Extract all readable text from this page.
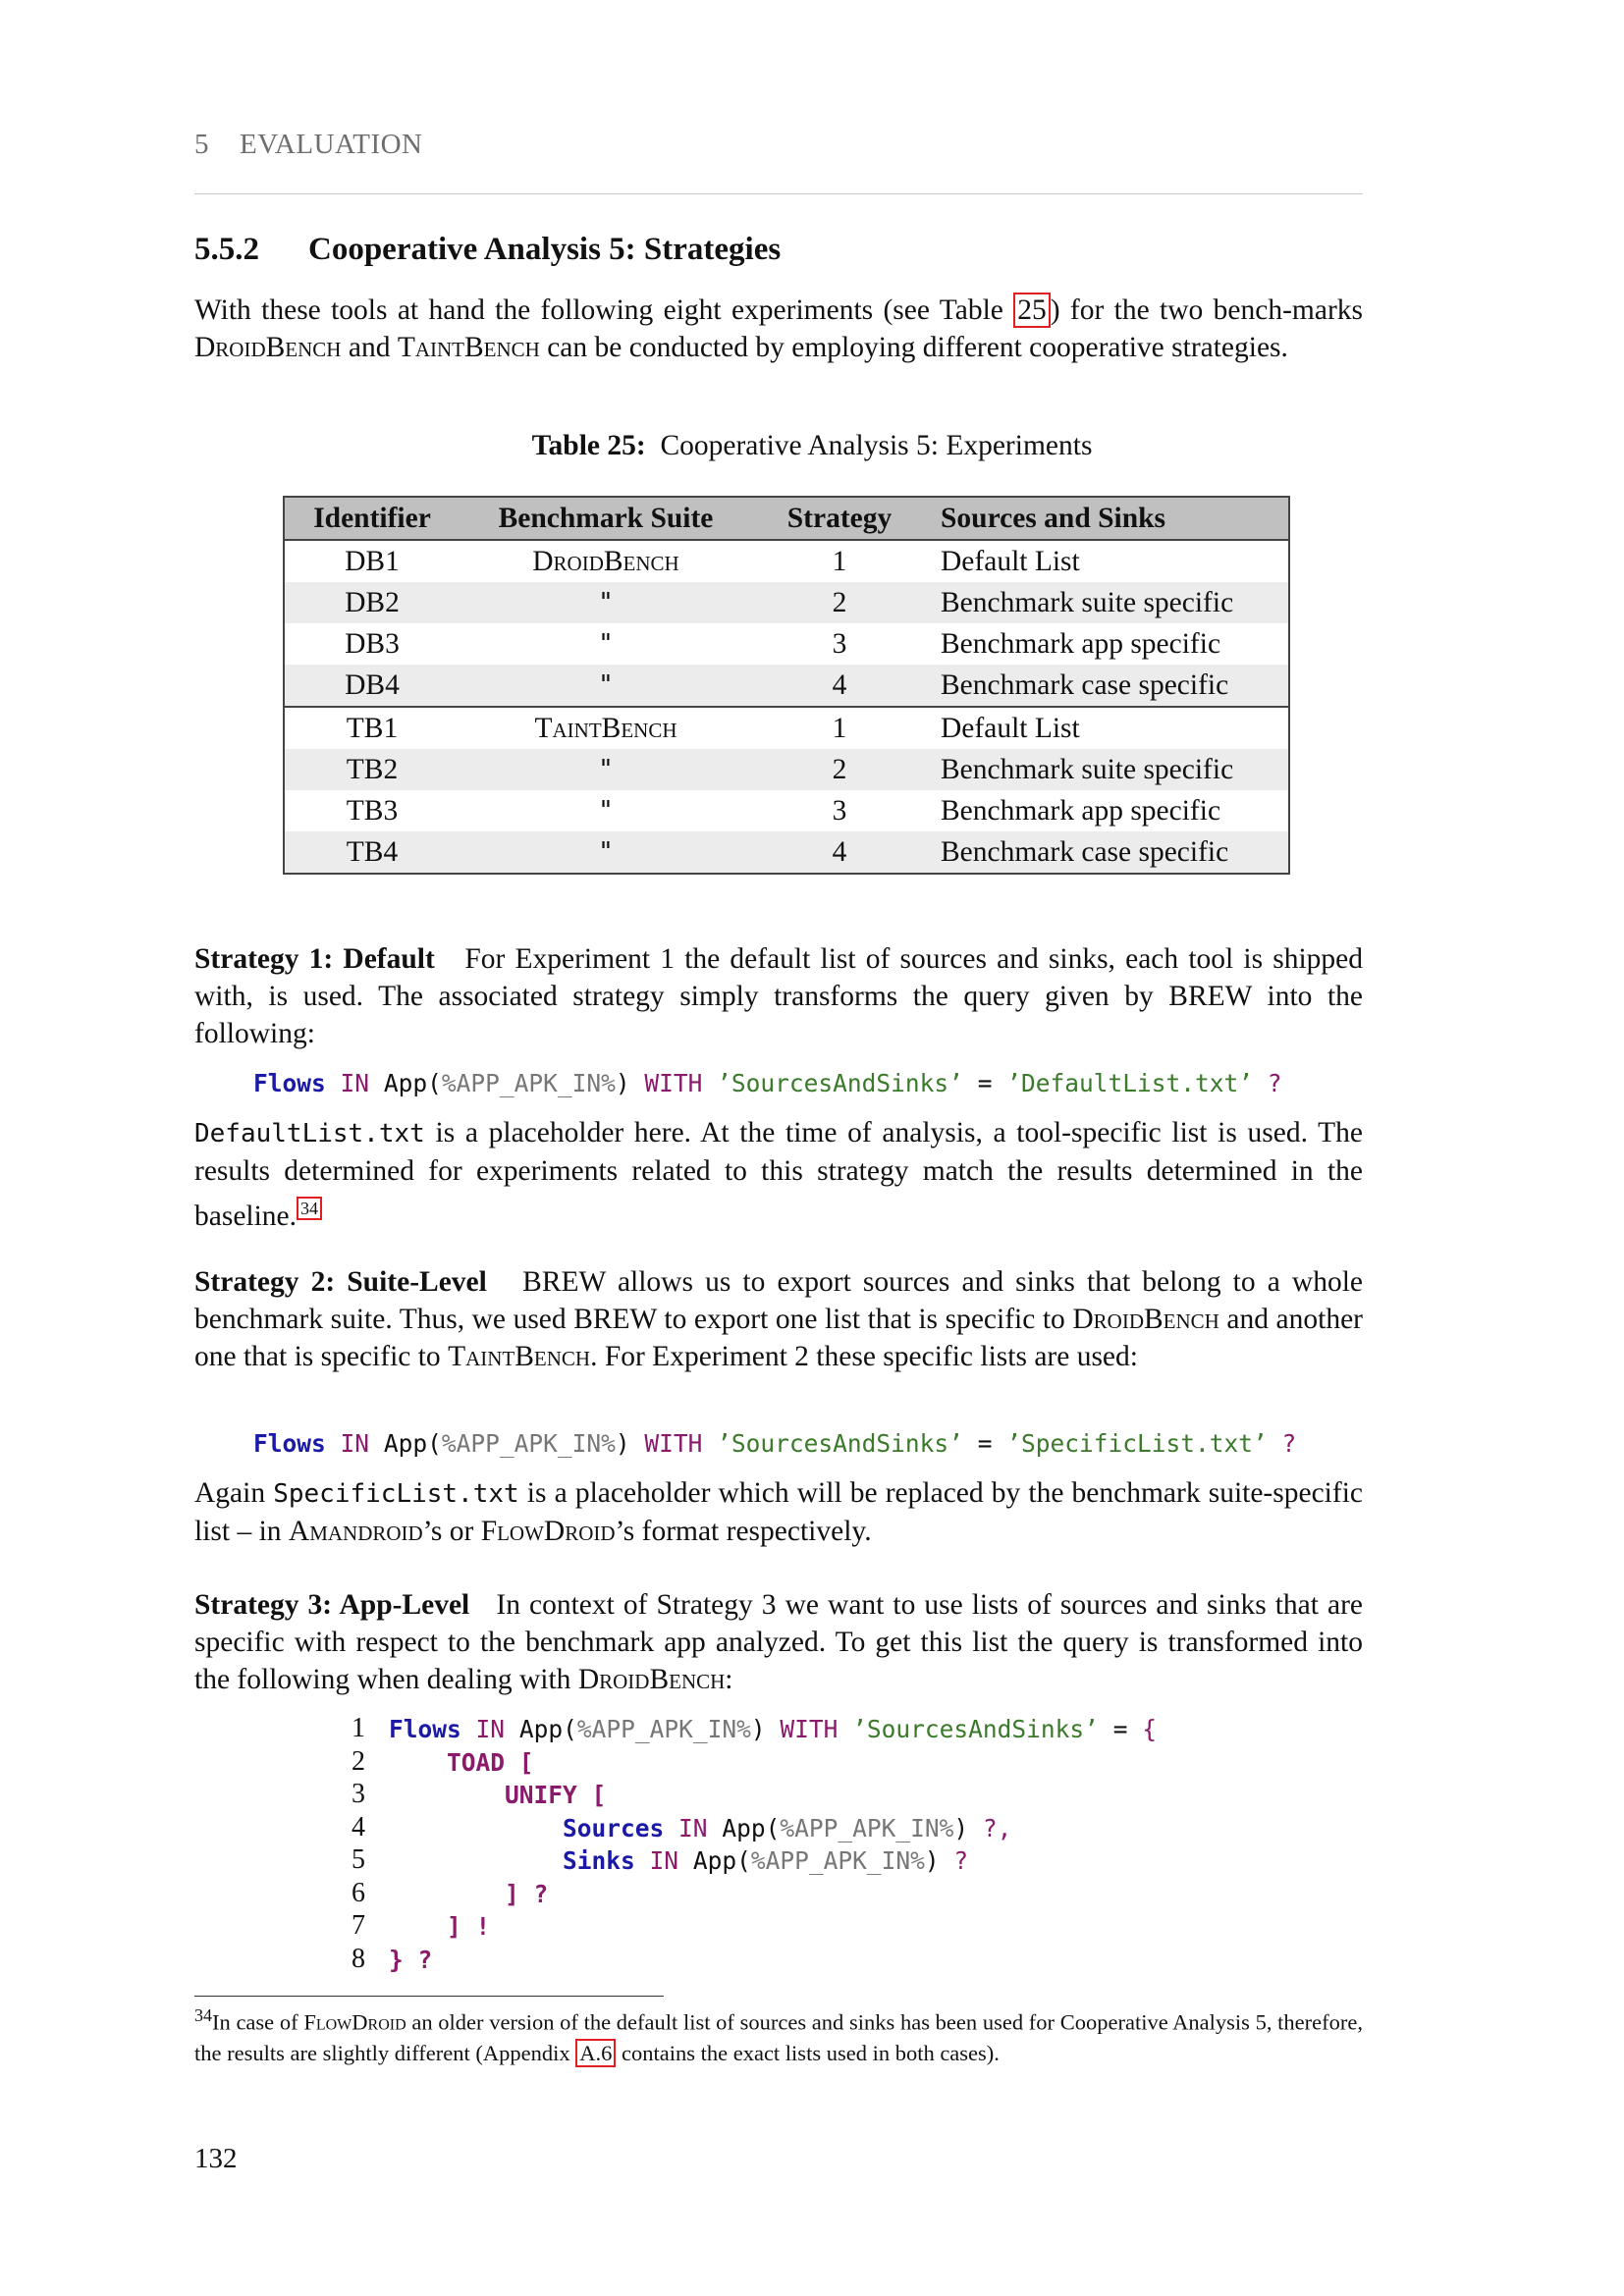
5 EVALUATION
5.5.2 Cooperative Analysis 5: Strategies
With these tools at hand the following eight experiments (see Table 25 ) for the two bench-marks DroidBench and TaintBench can be conducted by employing different cooperative strategies.
Table 25: Cooperative Analysis 5: Experiments
Identifier	Benchmark Suite	Strategy	Sources and Sinks
DB1	DroidBench	1	Default List
DB2	"	2	Benchmark suite specific
DB3	"	3	Benchmark app specific
DB4	"	4	Benchmark case specific
TB1	TaintBench	1	Default List
TB2	"	2	Benchmark suite specific
TB3	"	3	Benchmark app specific
TB4	"	4	Benchmark case specific
Strategy 1: Default For Experiment 1 the default list of sources and sinks, each tool is shipped with, is used. The associated strategy simply transforms the query given by BREW into the following:
Flows IN App(%APP_APK_IN%) WITH ’SourcesAndSinks’ = ’DefaultList.txt’ ?
DefaultList.txt is a placeholder here. At the time of analysis, a tool-specific list is used. The results determined for experiments related to this strategy match the results determined in the baseline. $^{34}$
Strategy 2: Suite-Level BREW allows us to export sources and sinks that belong to a whole benchmark suite. Thus, we used BREW to export one list that is specific to DroidBench and another one that is specific to TaintBench. For Experiment 2 these specific lists are used:
Flows IN App(%APP_APK_IN%) WITH ’SourcesAndSinks’ = ’SpecificList.txt’ ?
Again SpecificList.txt is a placeholder which will be replaced by the benchmark suite-specific list – in Amandroid’s or FlowDroid’s format respectively.
Strategy 3: App-Level In context of Strategy 3 we want to use lists of sources and sinks that are specific with respect to the benchmark app analyzed. To get this list the query is transformed into the following when dealing with DroidBench:
1 Flows IN App(%APP_APK_IN%) WITH ’SourcesAndSinks’ = {
2	TOAD [
3	UNIFY [
4	Sources IN App(%APP_APK_IN%) ?,
5	Sinks IN App(%APP_APK_IN%) ?
6	] ?
7	] !
8 } ?
$^{34}$In case of FlowDroid an older version of the default list of sources and sinks has been used for Cooperative Analysis 5, therefore, the results are slightly different (Appendix A.6 contains the exact lists used in both cases).
132
